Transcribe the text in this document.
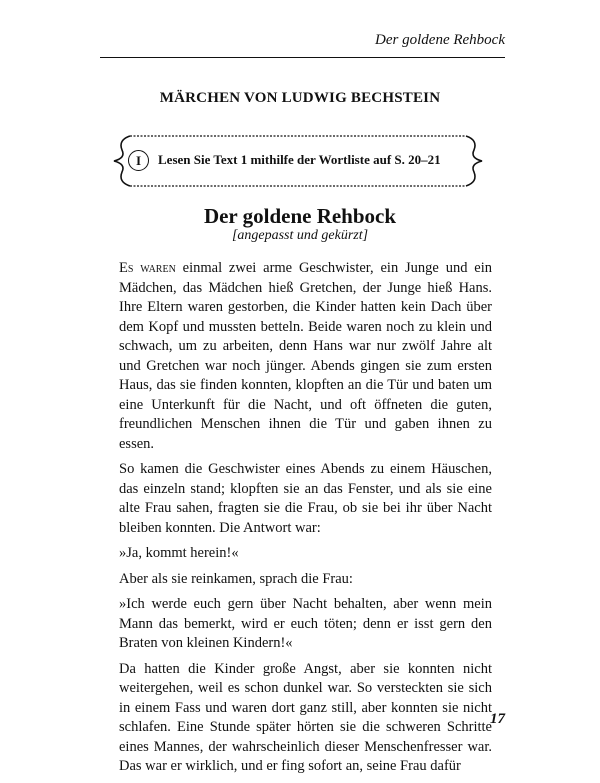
Der goldene Rehbock
MÄRCHEN VON LUDWIG BECHSTEIN
I	Lesen Sie Text 1 mithilfe der Wortliste auf S. 20–21
Der goldene Rehbock
[angepasst und gekürzt]

Es waren einmal zwei arme Geschwister, ein Junge und ein Mädchen, das Mädchen hieß Gretchen, der Junge hieß Hans. Ihre Eltern waren gestorben, die Kinder hatten kein Dach über dem Kopf und mussten betteln. Beide waren noch zu klein und schwach, um zu arbeiten, denn Hans war nur zwölf Jahre alt und Gretchen war noch jünger. Abends gingen sie zum ersten Haus, das sie finden konnten, klopften an die Tür und baten um eine Unterkunft für die Nacht, und oft öffneten die guten, freundlichen Menschen ihnen die Tür und gaben ihnen zu essen.

So kamen die Geschwister eines Abends zu einem Häuschen, das einzeln stand; klopften sie an das Fenster, und als sie eine alte Frau sahen, fragten sie die Frau, ob sie bei ihr über Nacht bleiben konnten. Die Antwort war:

»Ja, kommt herein!«

Aber als sie reinkamen, sprach die Frau:

»Ich werde euch gern über Nacht behalten, aber wenn mein Mann das bemerkt, wird er euch töten; denn er isst gern den Braten von kleinen Kindern!«

Da hatten die Kinder große Angst, aber sie konnten nicht weitergehen, weil es schon dunkel war. So versteckten sie sich in einem Fass und waren dort ganz still, aber konnten sie nicht schlafen. Eine Stunde später hörten sie die schweren Schritte eines Mannes, der wahrscheinlich dieser Menschenfresser war. Das war er wirklich, und er fing sofort an, seine Frau dafür

17
